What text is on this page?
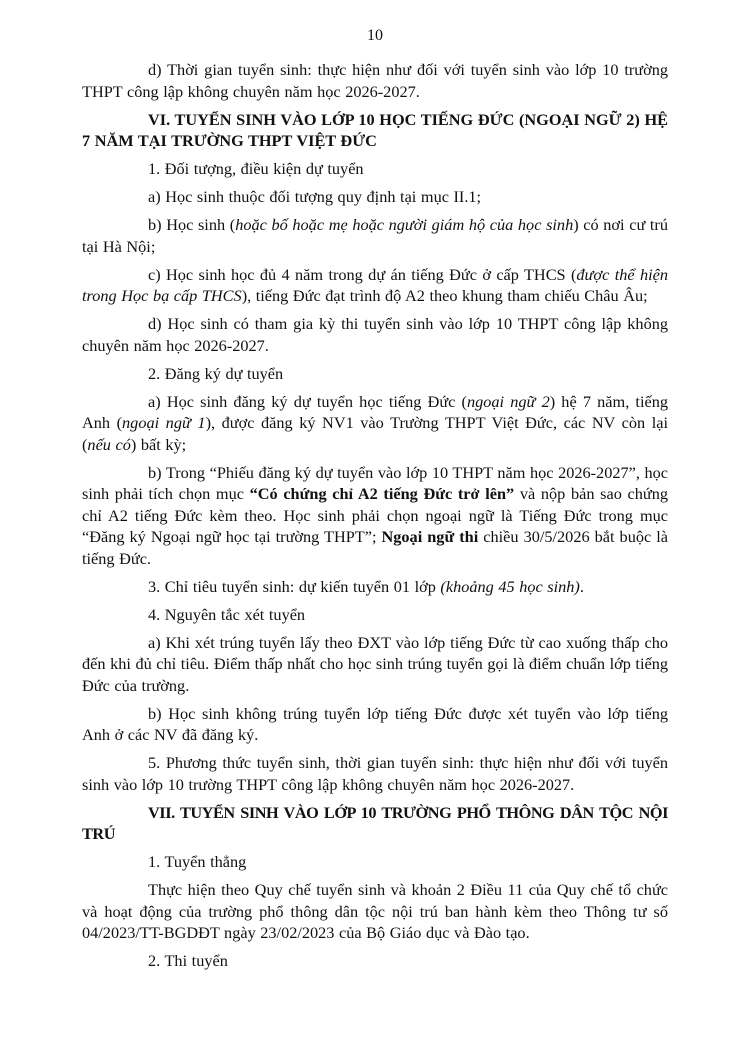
10

d) Thời gian tuyển sinh: thực hiện như đối với tuyển sinh vào lớp 10 trường THPT công lập không chuyên năm học 2026-2027.

VI. TUYỂN SINH VÀO LỚP 10 HỌC TIẾNG ĐỨC (NGOẠI NGỮ 2) HỆ 7 NĂM TẠI TRƯỜNG THPT VIỆT ĐỨC

1. Đối tượng, điều kiện dự tuyển

a) Học sinh thuộc đối tượng quy định tại mục II.1;

b) Học sinh (hoặc bố hoặc mẹ hoặc người giám hộ của học sinh) có nơi cư trú tại Hà Nội;

c) Học sinh học đủ 4 năm trong dự án tiếng Đức ở cấp THCS (được thể hiện trong Học bạ cấp THCS), tiếng Đức đạt trình độ A2 theo khung tham chiếu Châu Âu;

d) Học sinh có tham gia kỳ thi tuyển sinh vào lớp 10 THPT công lập không chuyên năm học 2026-2027.

2. Đăng ký dự tuyển

a) Học sinh đăng ký dự tuyển học tiếng Đức (ngoại ngữ 2) hệ 7 năm, tiếng Anh (ngoại ngữ 1), được đăng ký NV1 vào Trường THPT Việt Đức, các NV còn lại (nếu có) bất kỳ;

b) Trong “Phiếu đăng ký dự tuyển vào lớp 10 THPT năm học 2026-2027”, học sinh phải tích chọn mục “Có chứng chỉ A2 tiếng Đức trở lên” và nộp bản sao chứng chỉ A2 tiếng Đức kèm theo. Học sinh phải chọn ngoại ngữ là Tiếng Đức trong mục “Đăng ký Ngoại ngữ học tại trường THPT”; Ngoại ngữ thi chiều 30/5/2026 bắt buộc là tiếng Đức.

3. Chỉ tiêu tuyển sinh: dự kiến tuyển 01 lớp (khoảng 45 học sinh).

4. Nguyên tắc xét tuyển

a) Khi xét trúng tuyển lấy theo ĐXT vào lớp tiếng Đức từ cao xuống thấp cho đến khi đủ chỉ tiêu. Điểm thấp nhất cho học sinh trúng tuyển gọi là điểm chuẩn lớp tiếng Đức của trường.

b) Học sinh không trúng tuyển lớp tiếng Đức được xét tuyển vào lớp tiếng Anh ở các NV đã đăng ký.

5. Phương thức tuyển sinh, thời gian tuyển sinh: thực hiện như đối với tuyển sinh vào lớp 10 trường THPT công lập không chuyên năm học 2026-2027.

VII. TUYỂN SINH VÀO LỚP 10 TRƯỜNG PHỔ THÔNG DÂN TỘC NỘI TRÚ

1. Tuyển thẳng

Thực hiện theo Quy chế tuyển sinh và khoản 2 Điều 11 của Quy chế tổ chức và hoạt động của trường phổ thông dân tộc nội trú ban hành kèm theo Thông tư số 04/2023/TT-BGDĐT ngày 23/02/2023 của Bộ Giáo dục và Đào tạo.

2. Thi tuyển
